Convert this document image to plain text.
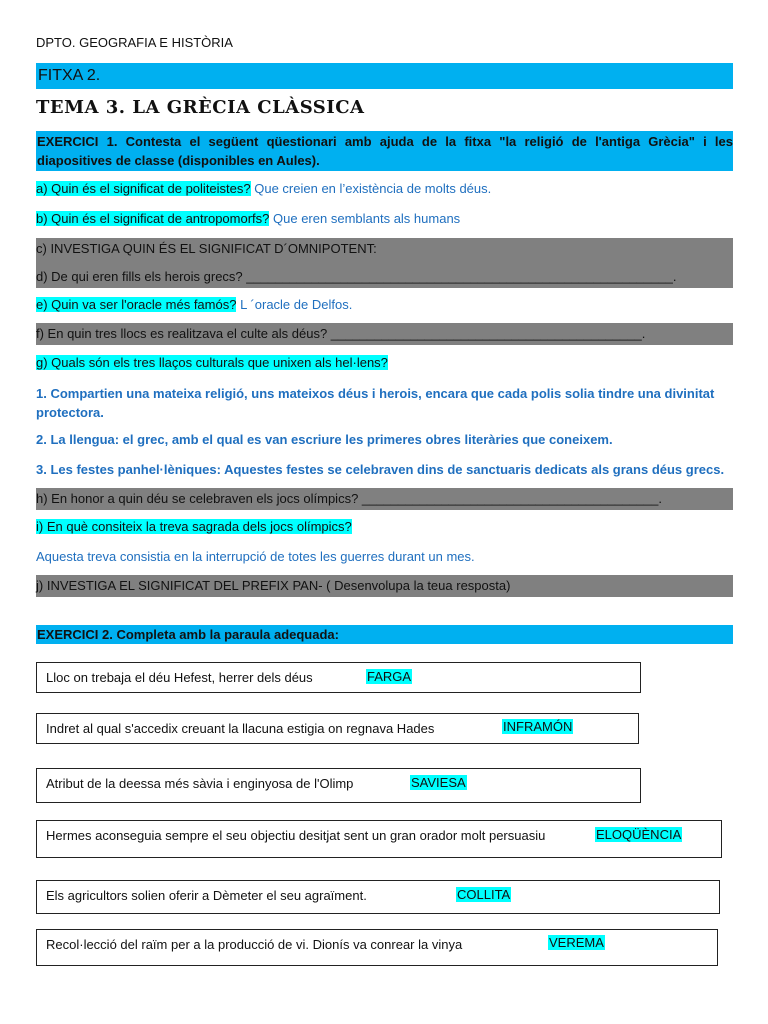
DPTO. GEOGRAFIA E HISTÒRIA
FITXA 2.
TEMA 3. LA GRÈCIA CLÀSSICA
EXERCICI 1. Contesta el següent qüestionari amb ajuda de la fitxa "la religió de l'antiga Grècia" i les diapositives de classe (disponibles en Aules).
a) Quin és el significat de politeistes? Que creien en l’existència de molts déus.
b) Quin és el significat de antropomorfs? Que eren semblants als humans
c) INVESTIGA QUIN ÉS EL SIGNIFICAT D´OMNIPOTENT:
d) De qui eren fills els herois grecs? ___________________________________________________________.
e) Quin va ser l'oracle més famós? L ´oracle de Delfos.
f) En quin tres llocs es realitzava el culte als déus? ___________________________________________.
g) Quals són els tres llaços culturals que unixen als hel·lens?
1. Compartien una mateixa religió, uns mateixos déus i herois, encara que cada polis solia tindre una divinitat protectora.
2. La llengua: el grec, amb el qual es van escriure les primeres obres literàries que coneixem.
3. Les festes panhel·lèniques: Aquestes festes se celebraven dins de sanctuaris dedicats als grans déus grecs.
h) En honor a quin déu se celebraven els jocs olímpics? _________________________________________.
i) En què consiteix la treva sagrada dels jocs olímpics?
Aquesta treva consistia en la interrupció de totes les guerres durant un mes.
j) INVESTIGA EL SIGNIFICAT DEL PREFIX PAN- ( Desenvolupa la teua resposta)
EXERCICI 2. Completa amb la paraula adequada:
Lloc on trebaja el déu Hefest, herrer dels déus	FARGA
Indret al qual s'accedix creuant la llacuna estigia on regnava Hades	INFRAMÓN
Atribut de la deessa més sàvia i enginyosa de l'Olimp	SAVIESA
Hermes aconseguia sempre el seu objectiu desitjat sent un gran orador molt persuasiu	ELOQÜÈNCIA
Els agricultors solien oferir a Dèmeter el seu agraïment.	COLLITA
Recol·lecció del raïm per a la producció de vi. Dionís va conrear la vinya	VEREMA
